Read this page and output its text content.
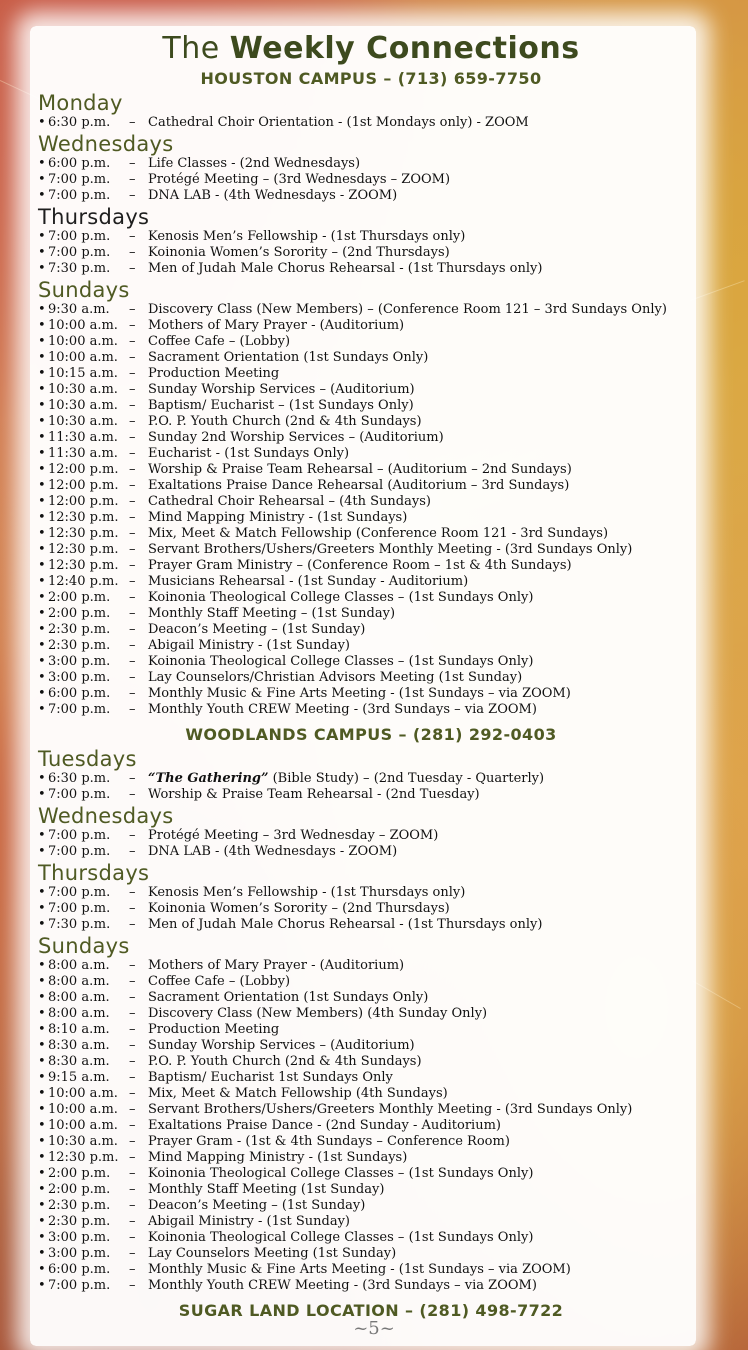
The Weekly Connections
HOUSTON CAMPUS – (713) 659-7750
Monday
• 6:30 p.m.	– Cathedral Choir Orientation - (1st Mondays only) - ZOOM
Wednesdays
• 6:00 p.m.	– Life Classes - (2nd Wednesdays)
• 7:00 p.m.	– Protégé Meeting – (3rd Wednesdays – ZOOM)
• 7:00 p.m.	– DNA LAB - (4th Wednesdays - ZOOM)
Thursdays
• 7:00 p.m.	– Kenosis Men’s Fellowship - (1st Thursdays only)
• 7:00 p.m.	– Koinonia Women’s Sorority – (2nd Thursdays)
• 7:30 p.m.	– Men of Judah Male Chorus Rehearsal - (1st Thursdays only)
Sundays
• 9:30 a.m.	– Discovery Class (New Members) – (Conference Room 121 – 3rd Sundays Only)
• 10:00 a.m. – Mothers of Mary Prayer - (Auditorium)
• 10:00 a.m. – Coffee Cafe – (Lobby)
• 10:00 a.m. – Sacrament Orientation (1st Sundays Only)
• 10:15 a.m. – Production Meeting
• 10:30 a.m. – Sunday Worship Services – (Auditorium)
• 10:30 a.m. – Baptism/ Eucharist – (1st Sundays Only)
• 10:30 a.m. – P.O. P. Youth Church (2nd & 4th Sundays)
• 11:30 a.m. – Sunday 2nd Worship Services – (Auditorium)
• 11:30 a.m. – Eucharist - (1st Sundays Only)
• 12:00 p.m. – Worship & Praise Team Rehearsal – (Auditorium – 2nd Sundays)
• 12:00 p.m. – Exaltations Praise Dance Rehearsal (Auditorium – 3rd Sundays)
• 12:00 p.m. – Cathedral Choir Rehearsal – (4th Sundays)
• 12:30 p.m. – Mind Mapping Ministry - (1st Sundays)
• 12:30 p.m. – Mix, Meet & Match Fellowship (Conference Room 121 - 3rd Sundays)
• 12:30 p.m. – Servant Brothers/Ushers/Greeters Monthly Meeting - (3rd Sundays Only)
• 12:30 p.m. – Prayer Gram Ministry – (Conference Room – 1st & 4th Sundays)
• 12:40 p.m. – Musicians Rehearsal - (1st Sunday - Auditorium)
• 2:00 p.m.	– Koinonia Theological College Classes – (1st Sundays Only)
• 2:00 p.m.	– Monthly Staff Meeting – (1st Sunday)
• 2:30 p.m.	– Deacon’s Meeting – (1st Sunday)
• 2:30 p.m.	– Abigail Ministry - (1st Sunday)
• 3:00 p.m.	– Koinonia Theological College Classes – (1st Sundays Only)
• 3:00 p.m.	– Lay Counselors/Christian Advisors Meeting (1st Sunday)
• 6:00 p.m.	– Monthly Music & Fine Arts Meeting - (1st Sundays – via ZOOM)
• 7:00 p.m.	– Monthly Youth CREW Meeting - (3rd Sundays – via ZOOM)
WOODLANDS CAMPUS – (281) 292-0403
Tuesdays
• 6:30 p.m.	– “The Gathering” (Bible Study) – (2nd Tuesday - Quarterly)
• 7:00 p.m.	– Worship & Praise Team Rehearsal - (2nd Tuesday)
Wednesdays
• 7:00 p.m.	– Protégé Meeting – 3rd Wednesday – ZOOM)
• 7:00 p.m.	– DNA LAB - (4th Wednesdays - ZOOM)
Thursdays
• 7:00 p.m.	– Kenosis Men’s Fellowship - (1st Thursdays only)
• 7:00 p.m.	– Koinonia Women’s Sorority – (2nd Thursdays)
• 7:30 p.m.	– Men of Judah Male Chorus Rehearsal - (1st Thursdays only)
Sundays
• 8:00 a.m.	– Mothers of Mary Prayer - (Auditorium)
• 8:00 a.m.	– Coffee Cafe – (Lobby)
• 8:00 a.m.	– Sacrament Orientation (1st Sundays Only)
• 8:00 a.m.	– Discovery Class (New Members) (4th Sunday Only)
• 8:10 a.m.	– Production Meeting
• 8:30 a.m.	– Sunday Worship Services – (Auditorium)
• 8:30 a.m.	– P.O. P. Youth Church (2nd & 4th Sundays)
• 9:15 a.m.	– Baptism/ Eucharist 1st Sundays Only
• 10:00 a.m. – Mix, Meet & Match Fellowship (4th Sundays)
• 10:00 a.m. – Servant Brothers/Ushers/Greeters Monthly Meeting - (3rd Sundays Only)
• 10:00 a.m. – Exaltations Praise Dance - (2nd Sunday - Auditorium)
• 10:30 a.m. – Prayer Gram - (1st & 4th Sundays – Conference Room)
• 12:30 p.m. – Mind Mapping Ministry - (1st Sundays)
• 2:00 p.m.	– Koinonia Theological College Classes – (1st Sundays Only)
• 2:00 p.m.	– Monthly Staff Meeting (1st Sunday)
• 2:30 p.m.	– Deacon’s Meeting – (1st Sunday)
• 2:30 p.m.	– Abigail Ministry - (1st Sunday)
• 3:00 p.m.	– Koinonia Theological College Classes – (1st Sundays Only)
• 3:00 p.m.	– Lay Counselors Meeting (1st Sunday)
• 6:00 p.m.	– Monthly Music & Fine Arts Meeting - (1st Sundays – via ZOOM)
• 7:00 p.m.	– Monthly Youth CREW Meeting - (3rd Sundays – via ZOOM)
SUGAR LAND LOCATION – (281) 498-7722
~5~
